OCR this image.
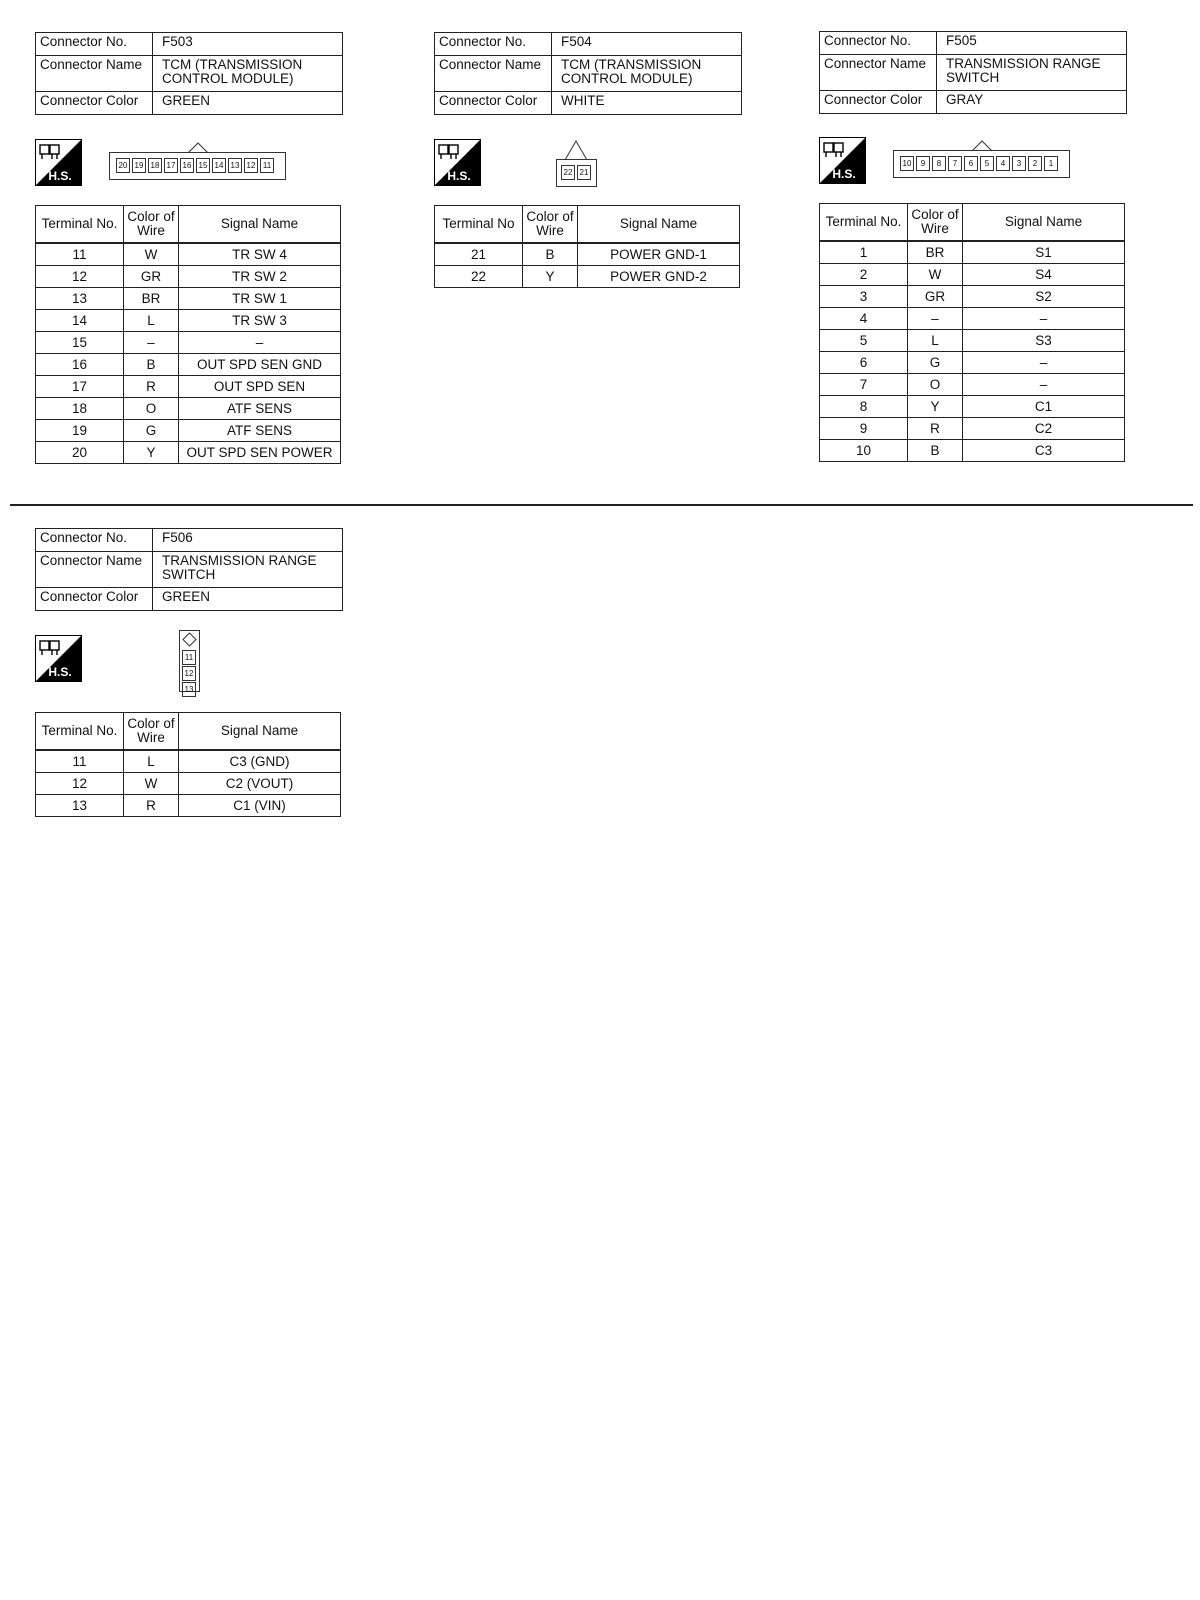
Connector No.	F503
Connector Name	TCM (TRANSMISSION CONTROL MODULE)
Connector Color	GREEN
H.S.
20 19 18 17 16 15 14 13 12 11
Terminal No.	Color of Wire	Signal Name
11	W	TR SW 4
12	GR	TR SW 2
13	BR	TR SW 1
14	L	TR SW 3
15	–	–
16	B	OUT SPD SEN GND
17	R	OUT SPD SEN
18	O	ATF SENS
19	G	ATF SENS
20	Y	OUT SPD SEN POWER
Connector No.	F504
Connector Name	TCM (TRANSMISSION CONTROL MODULE)
Connector Color	WHITE
H.S.	22 21
Terminal No	Color of Wire	Signal Name
21	B	POWER GND-1
22	Y	POWER GND-2
Connector No.	F505
Connector Name	TRANSMISSION RANGE SWITCH
Connector Color	GRAY
H.S.
10	9	8	7	6	5	4	3	2	1
Terminal No.	Color of Wire	Signal Name
1	BR	S1
2	W	S4
3	GR	S2
4	–	–
5	L	S3
6	G	–
7	O	–
8	Y	C1
9	R	C2
10	B	C3
Connector No.	F506
Connector Name	TRANSMISSION RANGE SWITCH
Connector Color	GREEN
H.S.
11
12
13
Terminal No.	Color of Wire	Signal Name
11	L	C3 (GND)
12	W	C2 (VOUT)
13	R	C1 (VIN)
